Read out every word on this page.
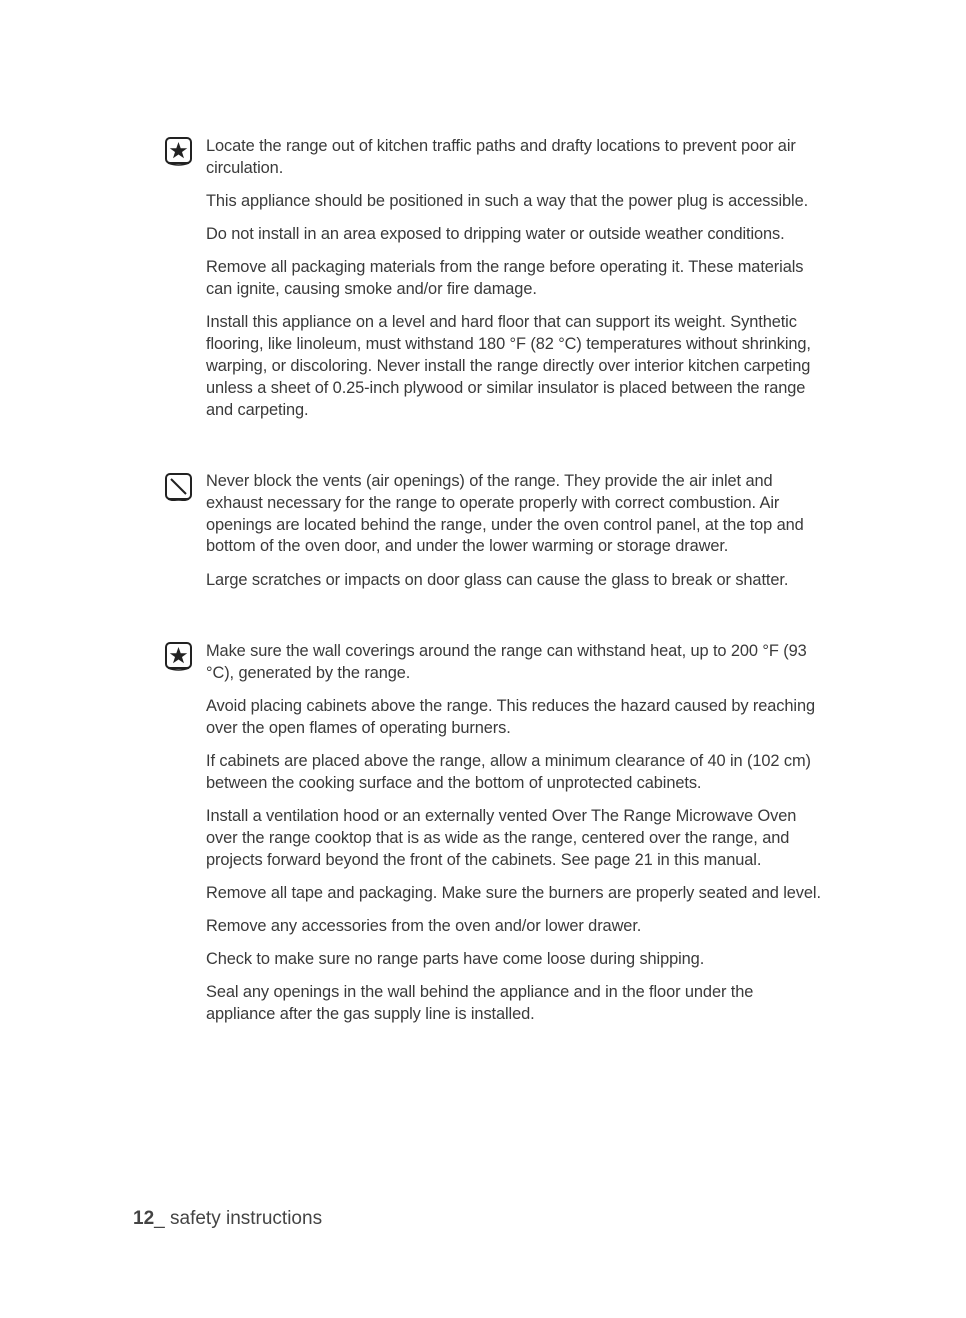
Locate the range out of kitchen traffic paths and drafty locations to prevent poor air circulation.

This appliance should be positioned in such a way that the power plug is accessible.

Do not install in an area exposed to dripping water or outside weather conditions.

Remove all packaging materials from the range before operating it. These materials can ignite, causing smoke and/or fire damage.

Install this appliance on a level and hard floor that can support its weight. Synthetic flooring, like linoleum, must withstand 180 °F (82 °C) temperatures without shrinking, warping, or discoloring. Never install the range directly over interior kitchen carpeting unless a sheet of 0.25-inch plywood or similar insulator is placed between the range and carpeting.

Never block the vents (air openings) of the range. They provide the air inlet and exhaust necessary for the range to operate properly with correct combustion. Air openings are located behind the range, under the oven control panel, at the top and bottom of the oven door, and under the lower warming or storage drawer.

Large scratches or impacts on door glass can cause the glass to break or shatter.

Make sure the wall coverings around the range can withstand heat, up to 200 °F (93 °C), generated by the range.

Avoid placing cabinets above the range. This reduces the hazard caused by reaching over the open flames of operating burners.

If cabinets are placed above the range, allow a minimum clearance of 40 in (102 cm) between the cooking surface and the bottom of unprotected cabinets.

Install a ventilation hood or an externally vented Over The Range Microwave Oven over the range cooktop that is as wide as the range, centered over the range, and projects forward beyond the front of the cabinets. See page 21 in this manual.

Remove all tape and packaging. Make sure the burners are properly seated and level.

Remove any accessories from the oven and/or lower drawer.

Check to make sure no range parts have come loose during shipping.

Seal any openings in the wall behind the appliance and in the floor under the appliance after the gas supply line is installed.

12_ safety instructions
